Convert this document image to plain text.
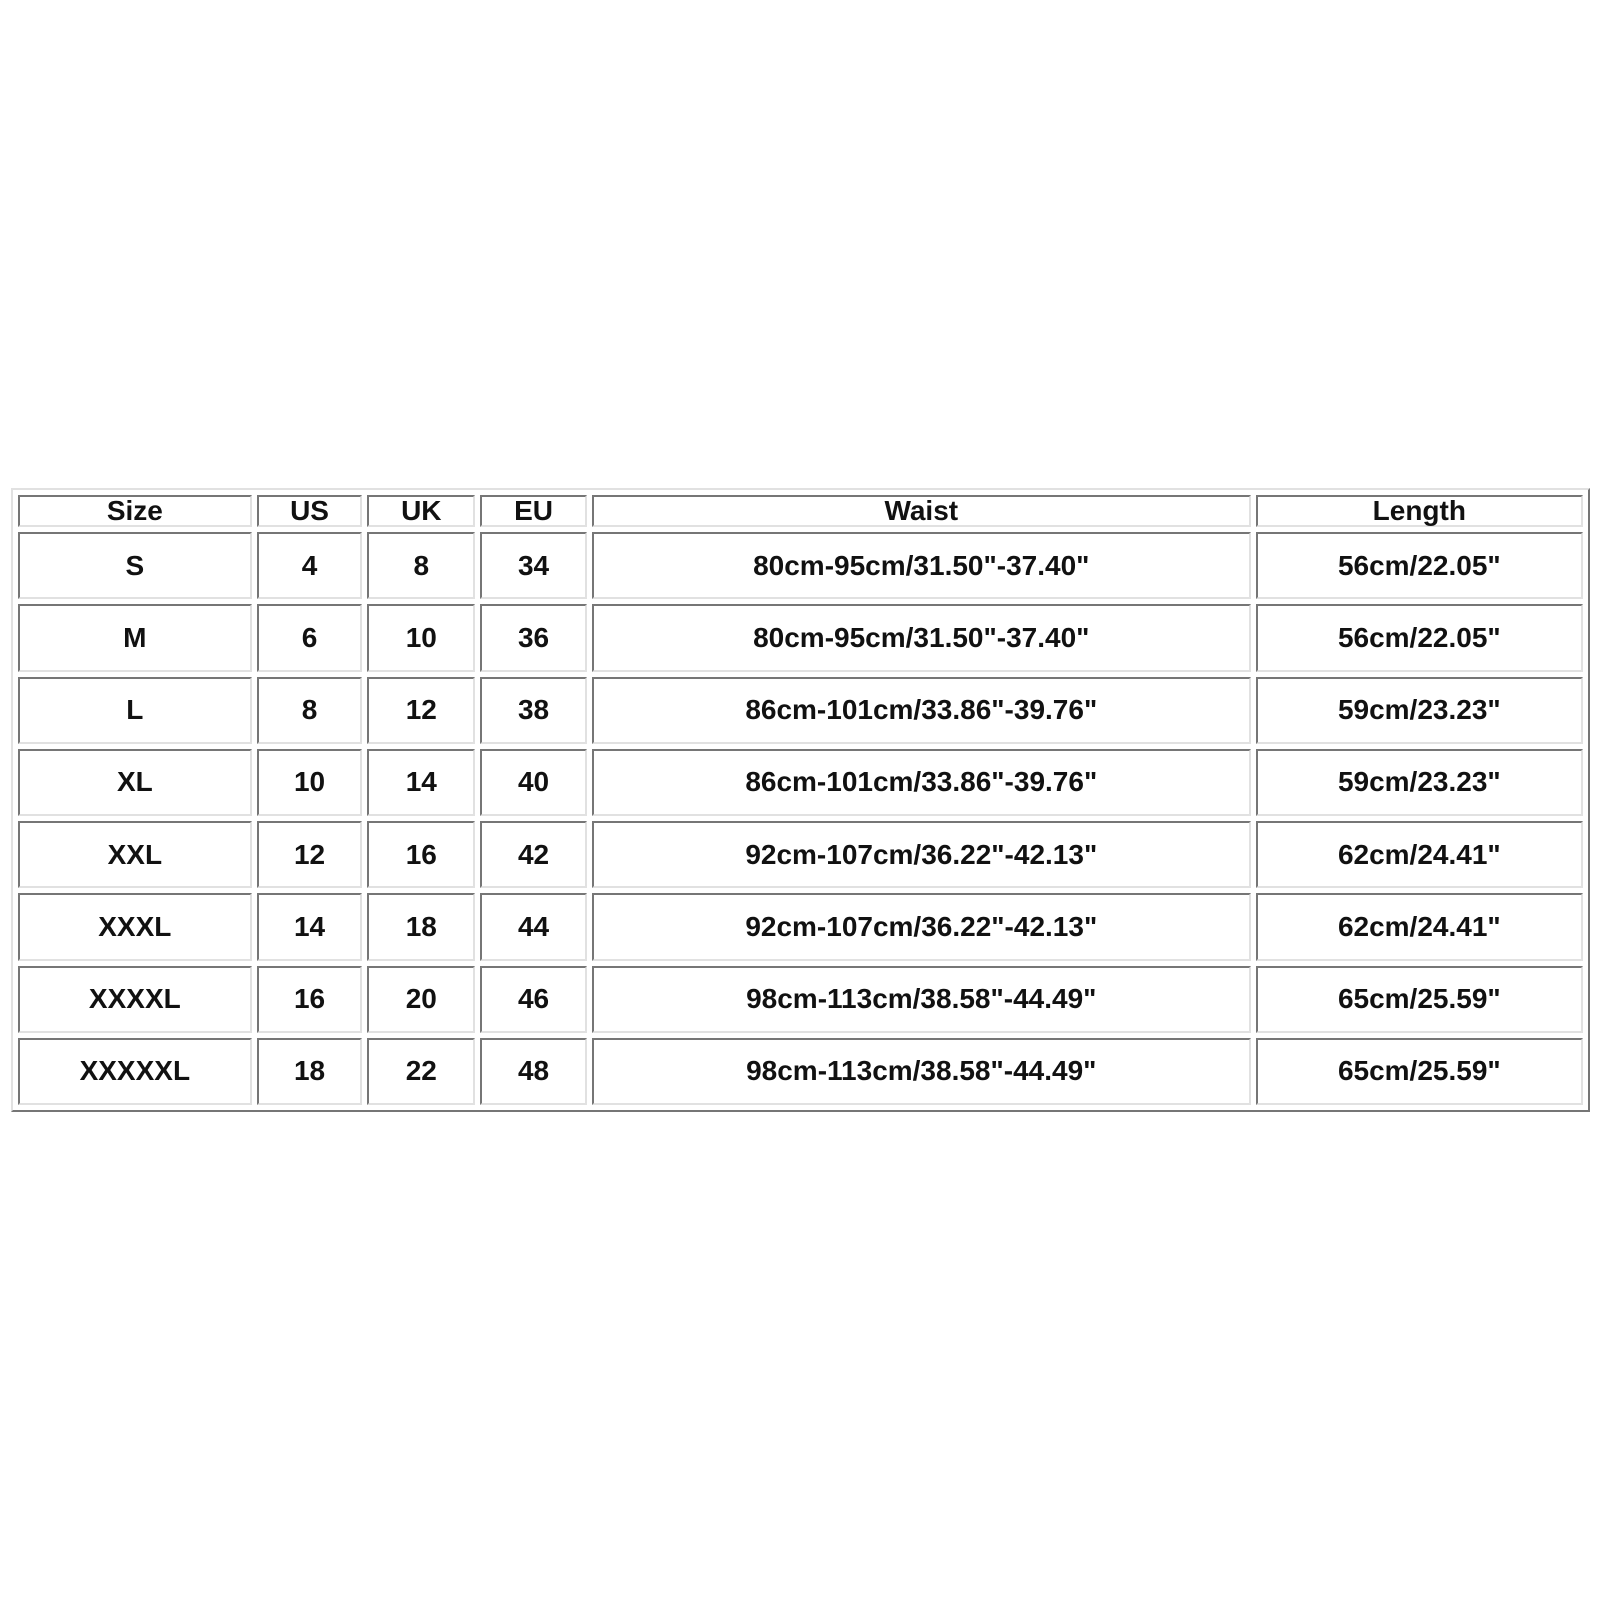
Size	US	UK	EU	Waist	Length
S	4	8	34	80cm-95cm/31.50"-37.40"	56cm/22.05"
M	6	10	36	80cm-95cm/31.50"-37.40"	56cm/22.05"
L	8	12	38	86cm-101cm/33.86"-39.76"	59cm/23.23"
XL	10	14	40	86cm-101cm/33.86"-39.76"	59cm/23.23"
XXL	12	16	42	92cm-107cm/36.22"-42.13"	62cm/24.41"
XXXL	14	18	44	92cm-107cm/36.22"-42.13"	62cm/24.41"
XXXXL	16	20	46	98cm-113cm/38.58"-44.49"	65cm/25.59"
XXXXXL	18	22	48	98cm-113cm/38.58"-44.49"	65cm/25.59"
